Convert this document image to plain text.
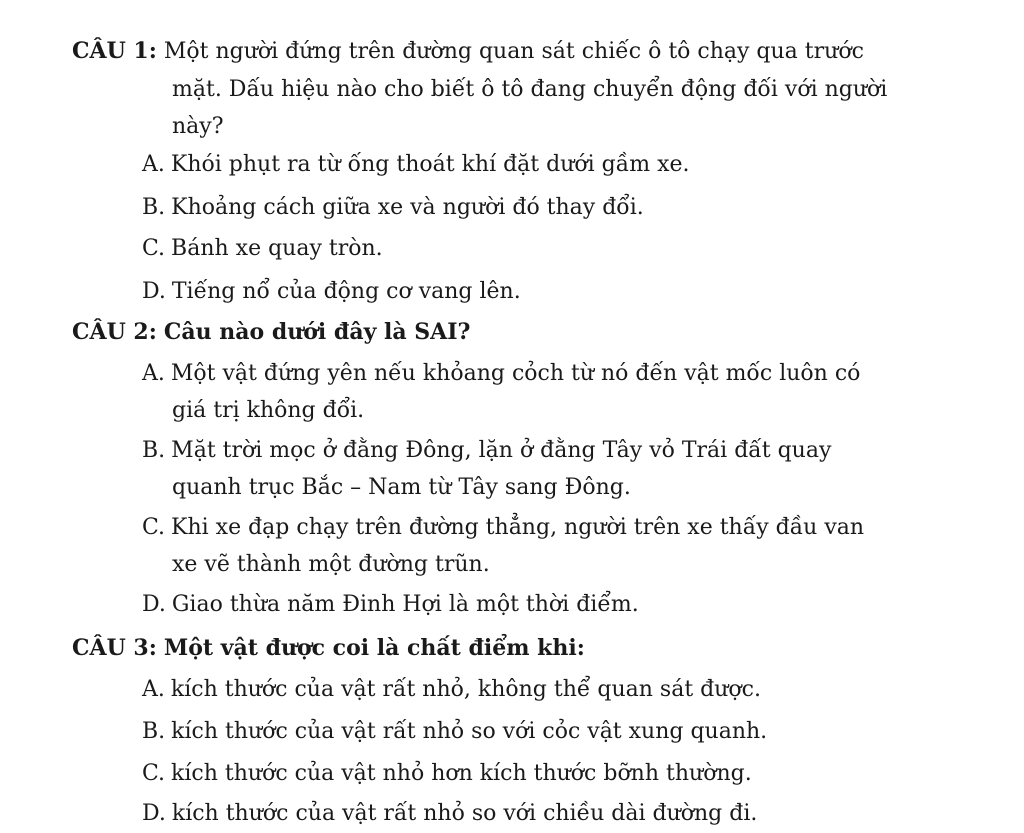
CÂU 1: Một người đứng trên đường quan sát chiếc ô tô chạy qua trước
mặt. Dấu hiệu nào cho biết ô tô đang chuyển động đối với người
này?
A. Khói phụt ra từ ống thoát khí đặt dưới gầm xe.
B. Khoảng cách giữa xe và người đó thay đổi.
C. Bánh xe quay tròn.
D. Tiếng nổ của động cơ vang lên.
CÂU 2: Câu nào dưới đây là SAI?
A. Một vật đứng yên nếu khỏang cỏch từ nó đến vật mốc luôn có
giá trị không đổi.
B. Mặt trời mọc ở đằng Đông, lặn ở đằng Tây vỏ Trái đất quay
quanh trục Bắc – Nam từ Tây sang Đông.
C. Khi xe đạp chạy trên đường thẳng, người trên xe thấy đầu van
xe vẽ thành một đường trũn.
D. Giao thừa năm Đinh Hợi là một thời điểm.
CÂU 3: Một vật được coi là chất điểm khi:
A. kích thước của vật rất nhỏ, không thể quan sát được.
B. kích thước của vật rất nhỏ so với cỏc vật xung quanh.
C. kích thước của vật nhỏ hơn kích thước bỡnh thường.
D. kích thước của vật rất nhỏ so với chiều dài đường đi.
